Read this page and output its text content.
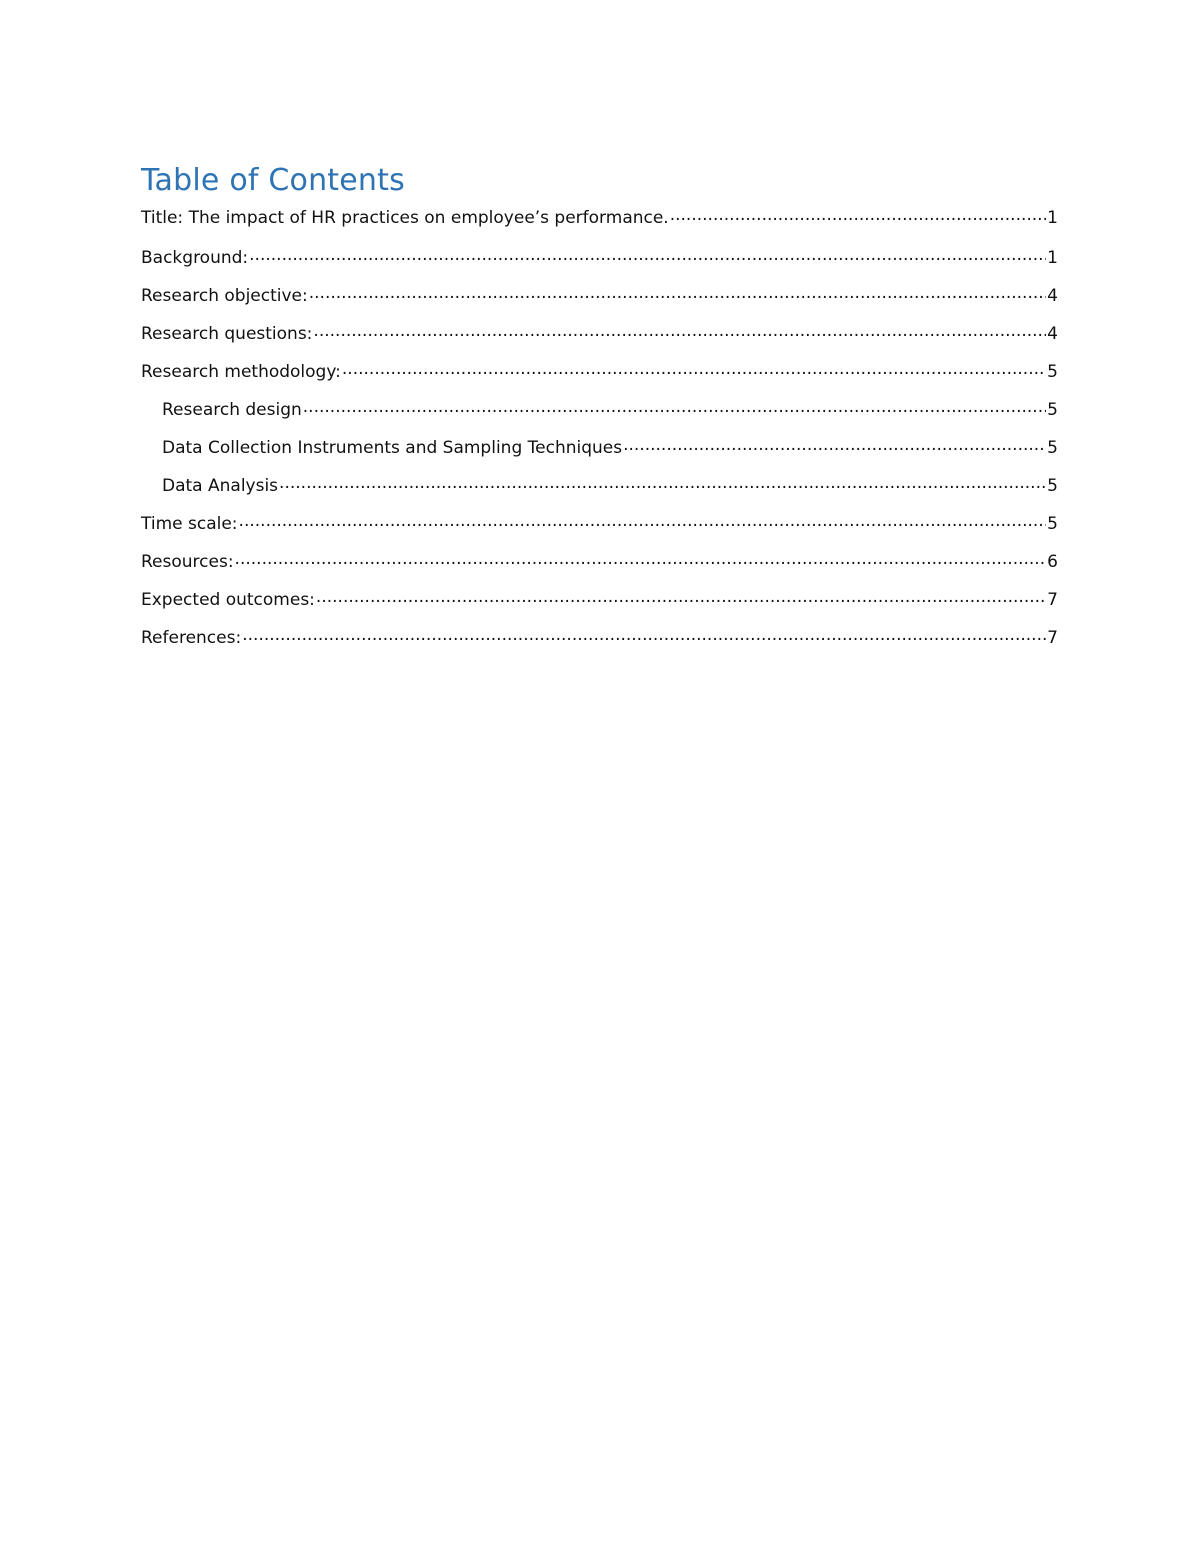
Table of Contents
Title: The impact of HR practices on employee’s performance. .....	1
Background: .....	1
Research objective: .....	4
Research questions: .....	4
Research methodology: .....	5
Research design .....	5
Data Collection Instruments and Sampling Techniques .....	5
Data Analysis .....	5
Time scale: .....	5
Resources: .....	6
Expected outcomes: .....	7
References: .....	7
